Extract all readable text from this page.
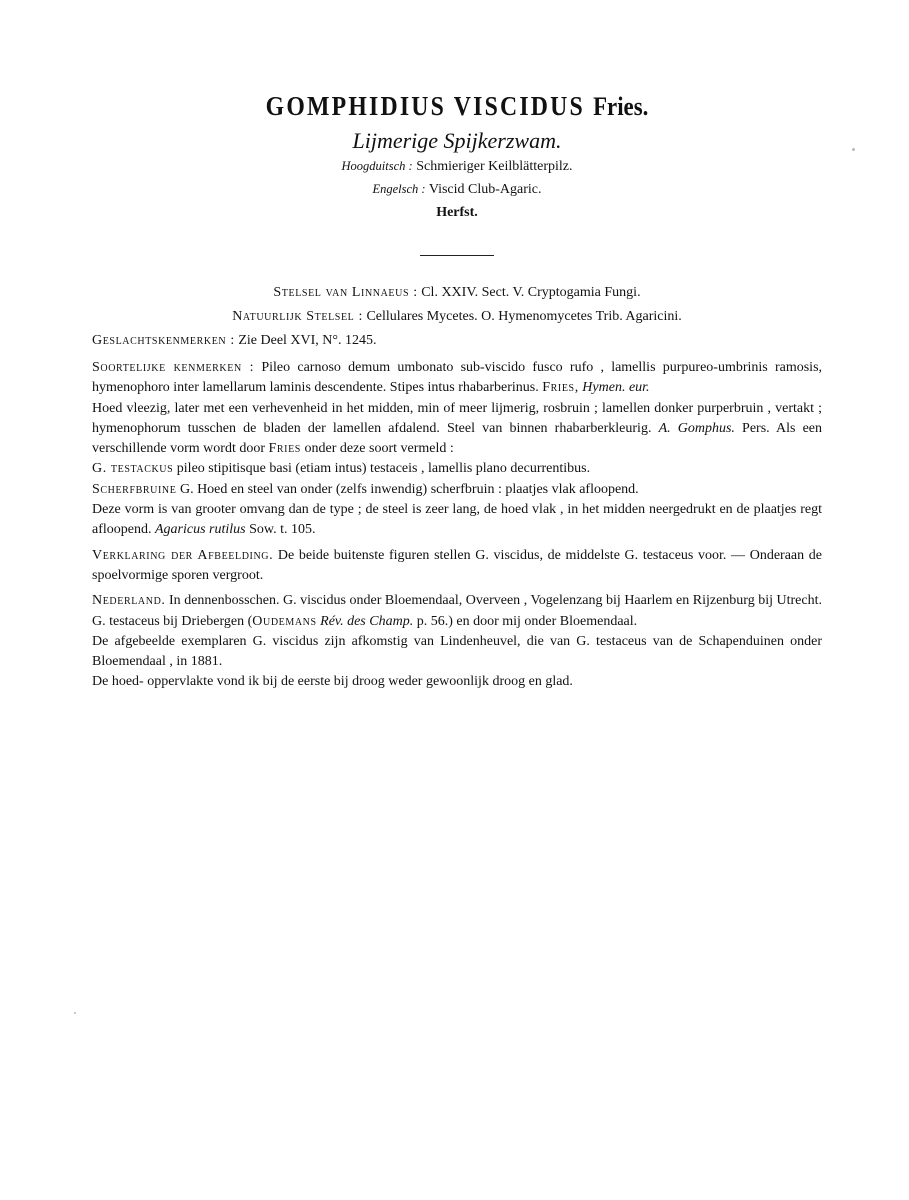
GOMPHIDIUS VISCIDUS Fries.
Lijmerige Spijkerzwam.
Hoogduitsch : Schmieriger Keilblätterpilz.
Engelsch : Viscid Club-Agaric.
Herfst.
Stelsel van Linnaeus : Cl. XXIV. Sect. V. Cryptogamia Fungi.
Natuurlijk Stelsel : Cellulares Mycetes. O. Hymenomycetes Trib. Agaricini.
Geslachtskenmerken : Zie Deel XVI, N°. 1245.

Soortelijke kenmerken : Pileo carnoso demum umbonato sub-viscido fusco rufo , lamellis purpureo-umbrinis ramosis, hymenophoro inter lamellarum laminis descendente. Stipes intus rhabarberinus. Fries, Hymen. eur.

Hoed vleezig, later met een verhevenheid in het midden, min of meer lijmerig, rosbruin ; lamellen donker purperbruin , vertakt ; hymenophorum tusschen de bladen der lamellen afdalend. Steel van binnen rhabarberkleurig. A. Gomphus. Pers. Als een verschillende vorm wordt door Fries onder deze soort vermeld :

G. testackus pileo stipitisque basi (etiam intus) testaceis , lamellis plano decurrentibus.

Scherfbruine G. Hoed en steel van onder (zelfs inwendig) scherfbruin : plaatjes vlak afloopend.

Deze vorm is van grooter omvang dan de type ; de steel is zeer lang, de hoed vlak , in het midden neergedrukt en de plaatjes regt afloopend. Agaricus rutilus Sow. t. 105.

Verklaring der Afbeelding. De beide buitenste figuren stellen G. viscidus, de middelste G. testaceus voor. — Onderaan de spoelvormige sporen vergroot.

Nederland. In dennenbosschen. G. viscidus onder Bloemendaal, Overveen , Vogelenzang bij Haarlem en Rijzenburg bij Utrecht. G. testaceus bij Driebergen (Oudemans Rév. des Champ. p. 56.) en door mij onder Bloemendaal.

De afgebeelde exemplaren G. viscidus zijn afkomstig van Lindenheuvel, die van G. testaceus van de Schapenduinen onder Bloemendaal , in 1881.

De hoed- oppervlakte vond ik bij de eerste bij droog weder gewoonlijk droog en glad.
